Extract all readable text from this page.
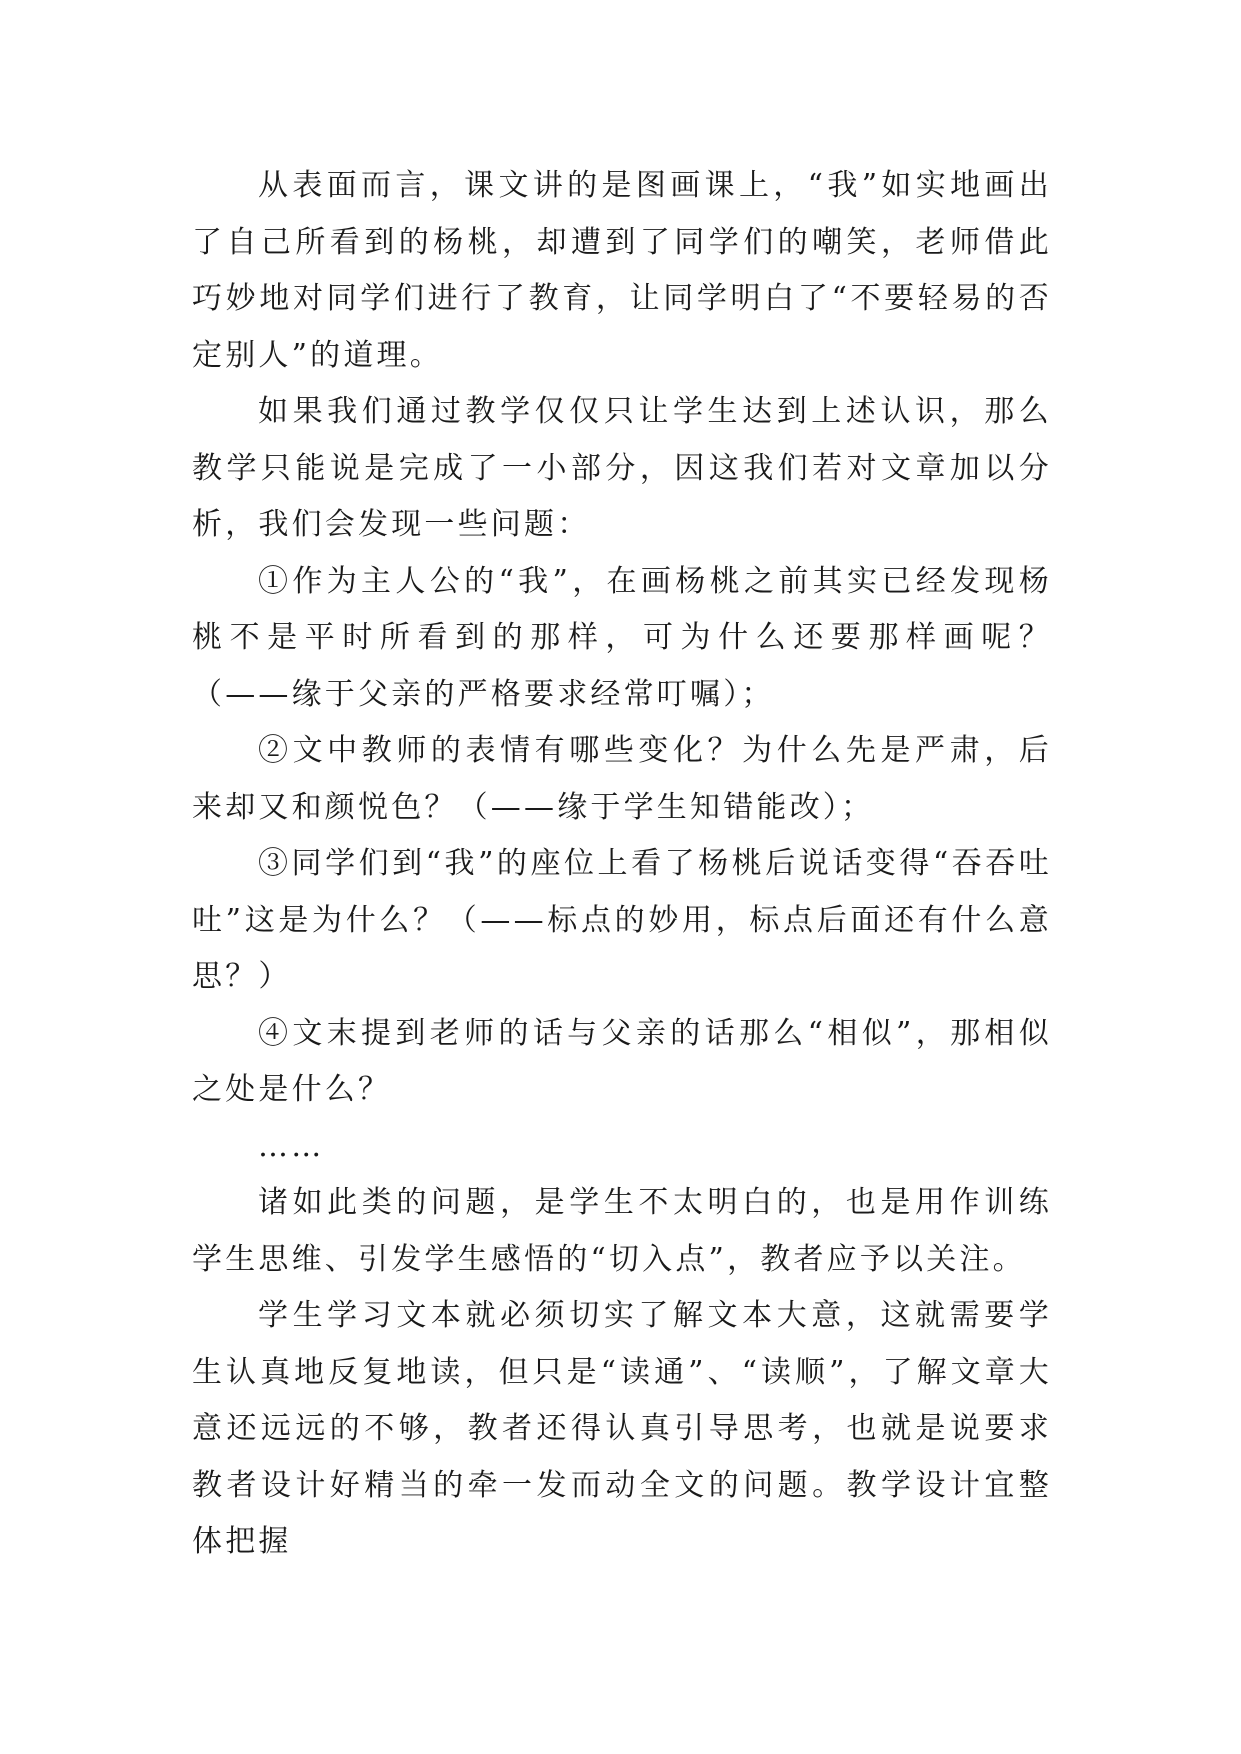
从表面而言，课文讲的是图画课上，“我”如实地画出了自己所看到的杨桃，却遭到了同学们的嘲笑，老师借此巧妙地对同学们进行了教育，让同学明白了“不要轻易的否定别人”的道理。

如果我们通过教学仅仅只让学生达到上述认识，那么教学只能说是完成了一小部分，因这我们若对文章加以分析，我们会发现一些问题：

①作为主人公的“我”，在画杨桃之前其实已经发现杨桃不是平时所看到的那样，可为什么还要那样画呢？（——缘于父亲的严格要求经常叮嘱）；

②文中教师的表情有哪些变化？为什么先是严肃，后来却又和颜悦色？（——缘于学生知错能改）；

③同学们到“我”的座位上看了杨桃后说话变得“吞吞吐吐”这是为什么？（——标点的妙用，标点后面还有什么意思？）

④文末提到老师的话与父亲的话那么“相似”，那相似之处是什么？

……

诸如此类的问题，是学生不太明白的，也是用作训练学生思维、引发学生感悟的“切入点”，教者应予以关注。

学生学习文本就必须切实了解文本大意，这就需要学生认真地反复地读，但只是“读通”、“读顺”，了解文章大意还远远的不够，教者还得认真引导思考，也就是说要求教者设计好精当的牵一发而动全文的问题。教学设计宜整体把握
